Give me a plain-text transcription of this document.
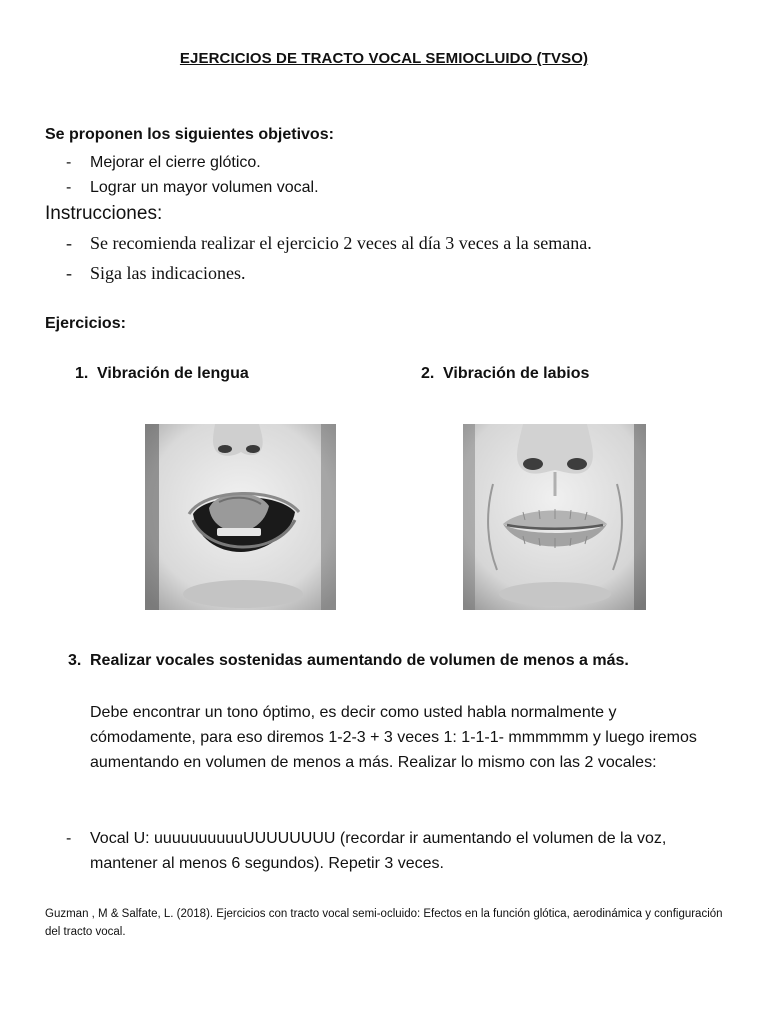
EJERCICIOS DE TRACTO VOCAL SEMIOCLUIDO (TVSO)
Se proponen los siguientes objetivos:
- Mejorar el cierre glótico.
- Lograr un mayor volumen vocal.
Instrucciones:
- Se recomienda realizar el ejercicio 2 veces al día 3 veces a la semana.
- Siga las indicaciones.
Ejercicios:
1. Vibración de lengua	2. Vibración de labios
3. Realizar vocales sostenidas aumentando de volumen de menos a más.

Debe encontrar un tono óptimo, es decir como usted habla normalmente y cómodamente, para eso diremos 1-2-3 + 3 veces 1: 1-1-1- mmmmmm y luego iremos aumentando en volumen de menos a más. Realizar lo mismo con las 2 vocales:

- Vocal U: uuuuuuuuuuUUUUUUUU (recordar ir aumentando el volumen de la voz, mantener al menos 6 segundos). Repetir 3 veces.

Guzman , M & Salfate, L. (2018). Ejercicios con tracto vocal semi-ocluido: Efectos en la función glótica, aerodinámica y configuración del tracto vocal.
